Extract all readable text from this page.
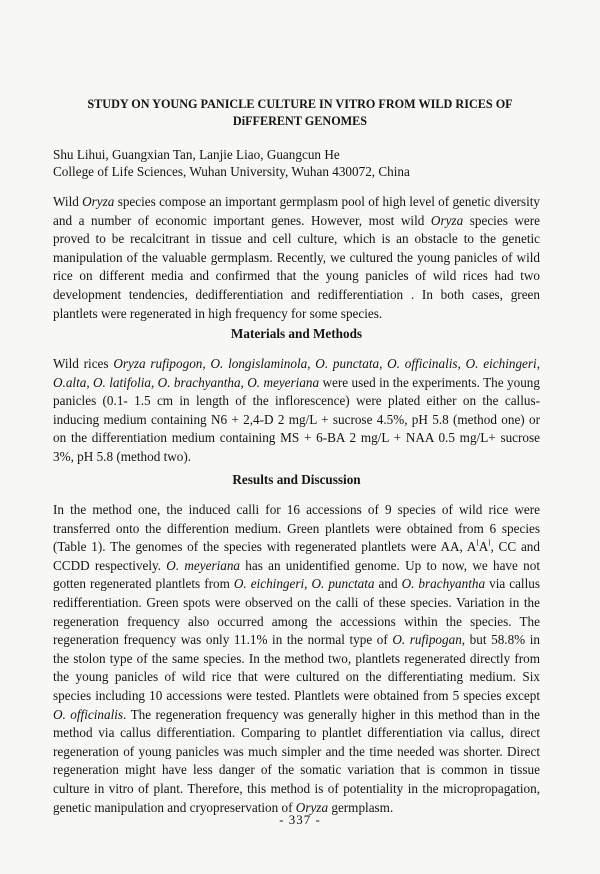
STUDY ON YOUNG PANICLE CULTURE IN VITRO FROM WILD RICES OF
DiFFERENT GENOMES
Shu Lihui, Guangxian Tan, Lanjie Liao, Guangcun He
College of Life Sciences, Wuhan University, Wuhan 430072, China

Wild Oryza species compose an important germplasm pool of high level of genetic diversity and a number of economic important genes. However, most wild Oryza species were proved to be recalcitrant in tissue and cell culture, which is an obstacle to the genetic manipulation of the valuable germplasm. Recently, we cultured the young panicles of wild rice on different media and confirmed that the young panicles of wild rices had two development tendencies, dedifferentiation and redifferentiation . In both cases, green plantlets were regenerated in high frequency for some species.

Materials and Methods

Wild rices Oryza rufipogon, O. longislaminola, O. punctata, O. officinalis, O. eichingeri, O.alta, O. latifolia, O. brachyantha, O. meyeriana were used in the experiments. The young panicles (0.1- 1.5 cm in length of the inflorescence) were plated either on the callus-inducing medium containing N6 + 2,4-D 2 mg/L + sucrose 4.5%, pH 5.8 (method one) or on the differentiation medium containing MS + 6-BA 2 mg/L + NAA 0.5 mg/L+ sucrose 3%, pH 5.8 (method two).

Results and Discussion

In the method one, the induced calli for 16 accessions of 9 species of wild rice were transferred onto the differention medium. Green plantlets were obtained from 6 species (Table 1). The genomes of the species with regenerated plantlets were AA, $A^lA^l$, CC and CCDD respectively. O. meyeriana has an unidentified genome. Up to now, we have not gotten regenerated plantlets from O. eichingeri, O. punctata and O. brachyantha via callus redifferentiation. Green spots were observed on the calli of these species. Variation in the regeneration frequency also occurred among the accessions within the species. The regeneration frequency was only 11.1% in the normal type of O. rufipogan, but 58.8% in the stolon type of the same species. In the method two, plantlets regenerated directly from the young panicles of wild rice that were cultured on the differentiating medium. Six species including 10 accessions were tested. Plantlets were obtained from 5 species except O. officinalis. The regeneration frequency was generally higher in this method than in the method via callus differentiation. Comparing to plantlet differentiation via callus, direct regeneration of young panicles was much simpler and the time needed was shorter. Direct regeneration might have less danger of the somatic variation that is common in tissue culture in vitro of plant. Therefore, this method is of potentiality in the micropropagation, genetic manipulation and cryopreservation of Oryza germplasm.

- 337 -
